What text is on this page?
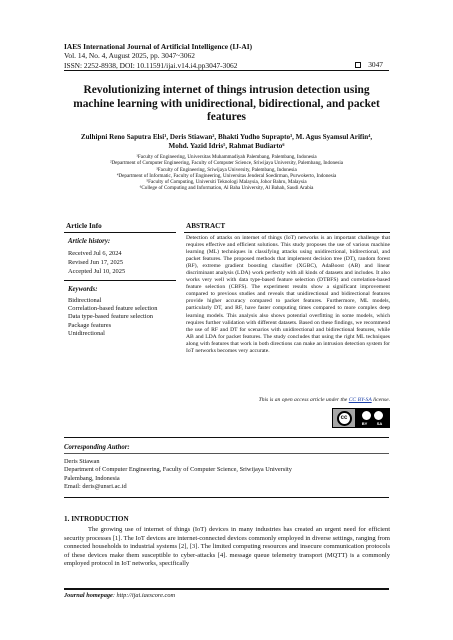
IAES International Journal of Artificial Intelligence (IJ-AI)
Vol. 14, No. 4, August 2025, pp. 3047~3062
ISSN: 2252-8938, DOI: 10.11591/ijai.v14.i4.pp3047-3062	3047
Revolutionizing internet of things intrusion detection using machine learning with unidirectional, bidirectional, and packet features
Zulhipni Reno Saputra Elsi¹, Deris Stiawan², Bhakti Yudho Suprapto³, M. Agus Syamsul Arifin⁴,
Mohd. Yazid Idris⁵, Rahmat Budiarto⁶
¹Faculty of Engineering, Universitas Muhammadiyah Palembang, Palembang, Indonesia
²Department of Computer Engineering, Faculty of Computer Science, Sriwijaya University, Palembang, Indonesia
³Faculty of Engineering, Sriwijaya University, Palembang, Indonesia
⁴Department of Informatic, Faculty of Engineering, Universitas Jenderal Soedirman, Purwokerto, Indonesia
⁵Faculty of Computing, Universiti Teknologi Malaysia, Johor Bahru, Malaysia
⁶College of Computing and Information, Al Baha University, Al Bahah, Saudi Arabia
Article Info
Article history:
Received Jul 6, 2024
Revised Jun 17, 2025
Accepted Jul 10, 2025
Keywords:
Bidirectional
Correlation-based feature selection
Data type-based feature selection
Package features
Unidirectional
ABSTRACT
Detection of attacks on internet of things (IoT) networks is an important challenge that requires effective and efficient solutions. This study proposes the use of various machine learning (ML) techniques in classifying attacks using unidirectional, bidirectional, and packet features. The proposed methods that implement decision tree (DT), random forest (RF), extreme gradient boosting classifier (XGBC), AdaBoost (AB) and linear discriminant analysis (LDA) work perfectly with all kinds of datasets and includes. It also works very well with data type-based feature selection (DTBFS) and correlation-based feature selection (CBFS). The experiment results show a significant improvement compared to previous studies and reveals that unidirectional and bidirectional features provide higher accuracy compared to packet features. Furthermore, ML models, particularly DT, and RF, have faster computing times compared to more complex deep learning models. This analysis also shows potential overfitting in some models, which requires further validation with different datasets. Based on these findings, we recommend the use of RF and DT for scenarios with unidirectional and bidirectional features, while AB and LDA for packet features. The study concludes that using the right ML techniques along with features that work in both directions can make an intrusion detection system for IoT networks becomes very accurate.
This is an open access article under the CC BY-SA license.
cc
BY SA
Corresponding Author:
Deris Stiawan
Department of Computer Engineering, Faculty of Computer Science, Sriwijaya University
Palembang, Indonesia
Email: deris@unsri.ac.id
1. INTRODUCTION
The growing use of internet of things (IoT) devices in many industries has created an urgent need for efficient security processes [1]. The IoT devices are internet-connected devices commonly employed in diverse settings, ranging from connected households to industrial systems [2], [3]. The limited computing resources and insecure communication protocols of these devices make them susceptible to cyber-attacks [4]. message queue telemetry transport (MQTT) is a commonly employed protocol in IoT networks, specifically
Journal homepage: http://ijai.iaescore.com
